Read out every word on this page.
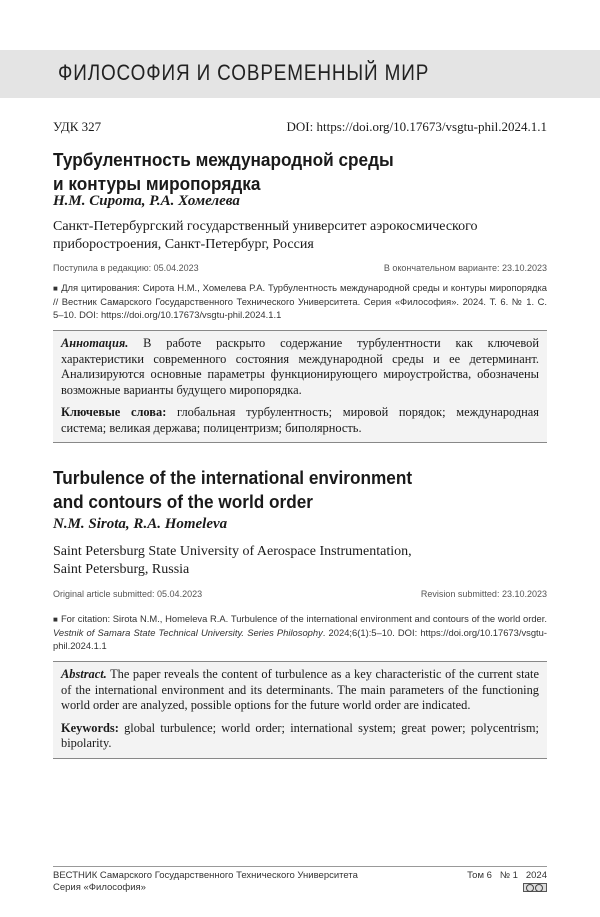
ФИЛОСОФИЯ И СОВРЕМЕННЫЙ МИР
УДК 327	DOI: https://doi.org/10.17673/vsgtu-phil.2024.1.1
Турбулентность международной среды
и контуры миропорядка
Н.М. Сирота, Р.А. Хомелева
Санкт-Петербургский государственный университет аэрокосмического
приборостроения, Санкт-Петербург, Россия
Поступила в редакцию: 05.04.2023	В окончательном варианте: 23.10.2023
■ Для цитирования: Сирота Н.М., Хомелева Р.А. Турбулентность международной среды и контуры миропорядка // Вестник Самарского Государственного Технического Университета. Серия «Философия». 2024. Т. 6. № 1. С. 5–10. DOI: https://doi.org/10.17673/vsgtu-phil.2024.1.1

Аннотация. В работе раскрыто содержание турбулентности как ключевой характеристики современного состояния международной среды и ее детерминант. Анализируются основные параметры функционирующего мироустройства, обозначены возможные варианты будущего миропорядка.

Ключевые слова: глобальная турбулентность; мировой порядок; международная система; великая держава; полицентризм; биполярность.

Turbulence of the international environment
and contours of the world order
N.M. Sirota, R.A. Homeleva
Saint Petersburg State University of Aerospace Instrumentation,
Saint Petersburg, Russia
Original article submitted: 05.04.2023	Revision submitted: 23.10.2023
■ For citation: Sirota N.M., Homeleva R.A. Turbulence of the international environment and contours of the world order. Vestnik of Samara State Technical University. Series Philosophy. 2024;6(1):5–10. DOI: https://doi.org/10.17673/vsgtu-phil.2024.1.1

Abstract. The paper reveals the content of turbulence as a key characteristic of the current state of the international environment and its determinants. The main parameters of the functioning world order are analyzed, possible options for the future world order are indicated.

Keywords: global turbulence; world order; international system; great power; polycentrism; bipolarity.

ВЕСТНИК Самарского Государственного Технического Университета
Серия «Философия»
Том 6   № 1   2024
